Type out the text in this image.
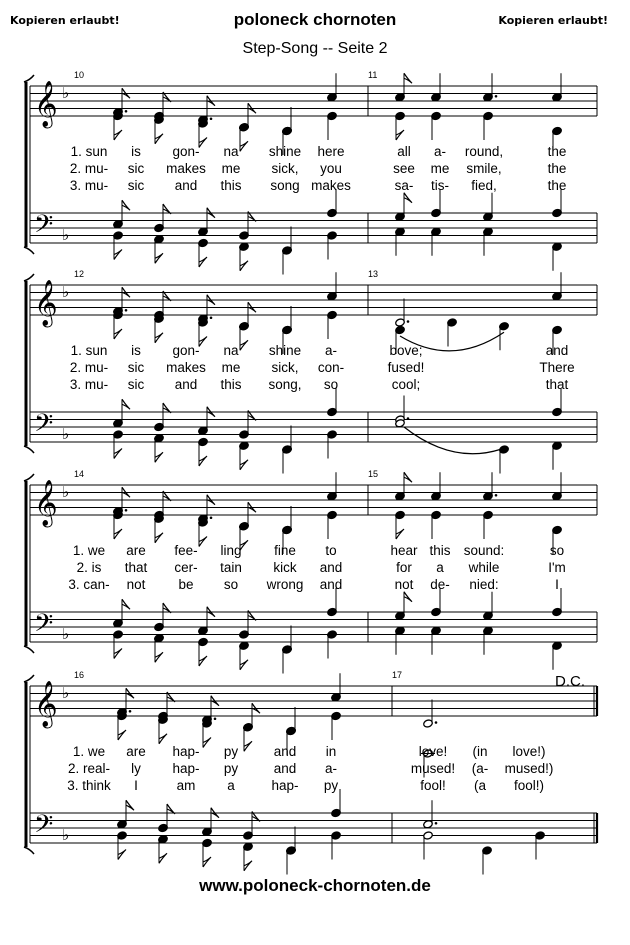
Kopieren erlaubt!	Kopieren erlaubt!
poloneck chornoten
Step-Song -- Seite 2
D.C.
www.poloneck-chornoten.de
𝄞 ♭
𝄢 ♭
𝄞 ♭
𝄢 ♭
𝄞 ♭
𝄢 ♭
𝄞 ♭
𝄢 ♭
10	11
1. sun is gon- na shine here	all a- round,	the
2. mu- sic makes me sick, you	see me smile,	the
3. mu- sic and this song makes	sa- tis- fied,	the
12	13
1. sun is gon- na shine a-	bove;	and
2. mu- sic makes me sick, con-	fused!	There
3. mu- sic and this song, so	cool;	that
14	15
1. we are fee- ling fine to	hear this sound:	so
2. is that cer- tain kick and	for a while	I'm
3. can- not be so wrong and	not de- nied:	I
16	17
1. we are hap- py	and in	love! (in love!)
2. real- ly hap- py	and a-	mused! (a- mused!)
3. think I	am a	hap- py	fool! (a fool!)
